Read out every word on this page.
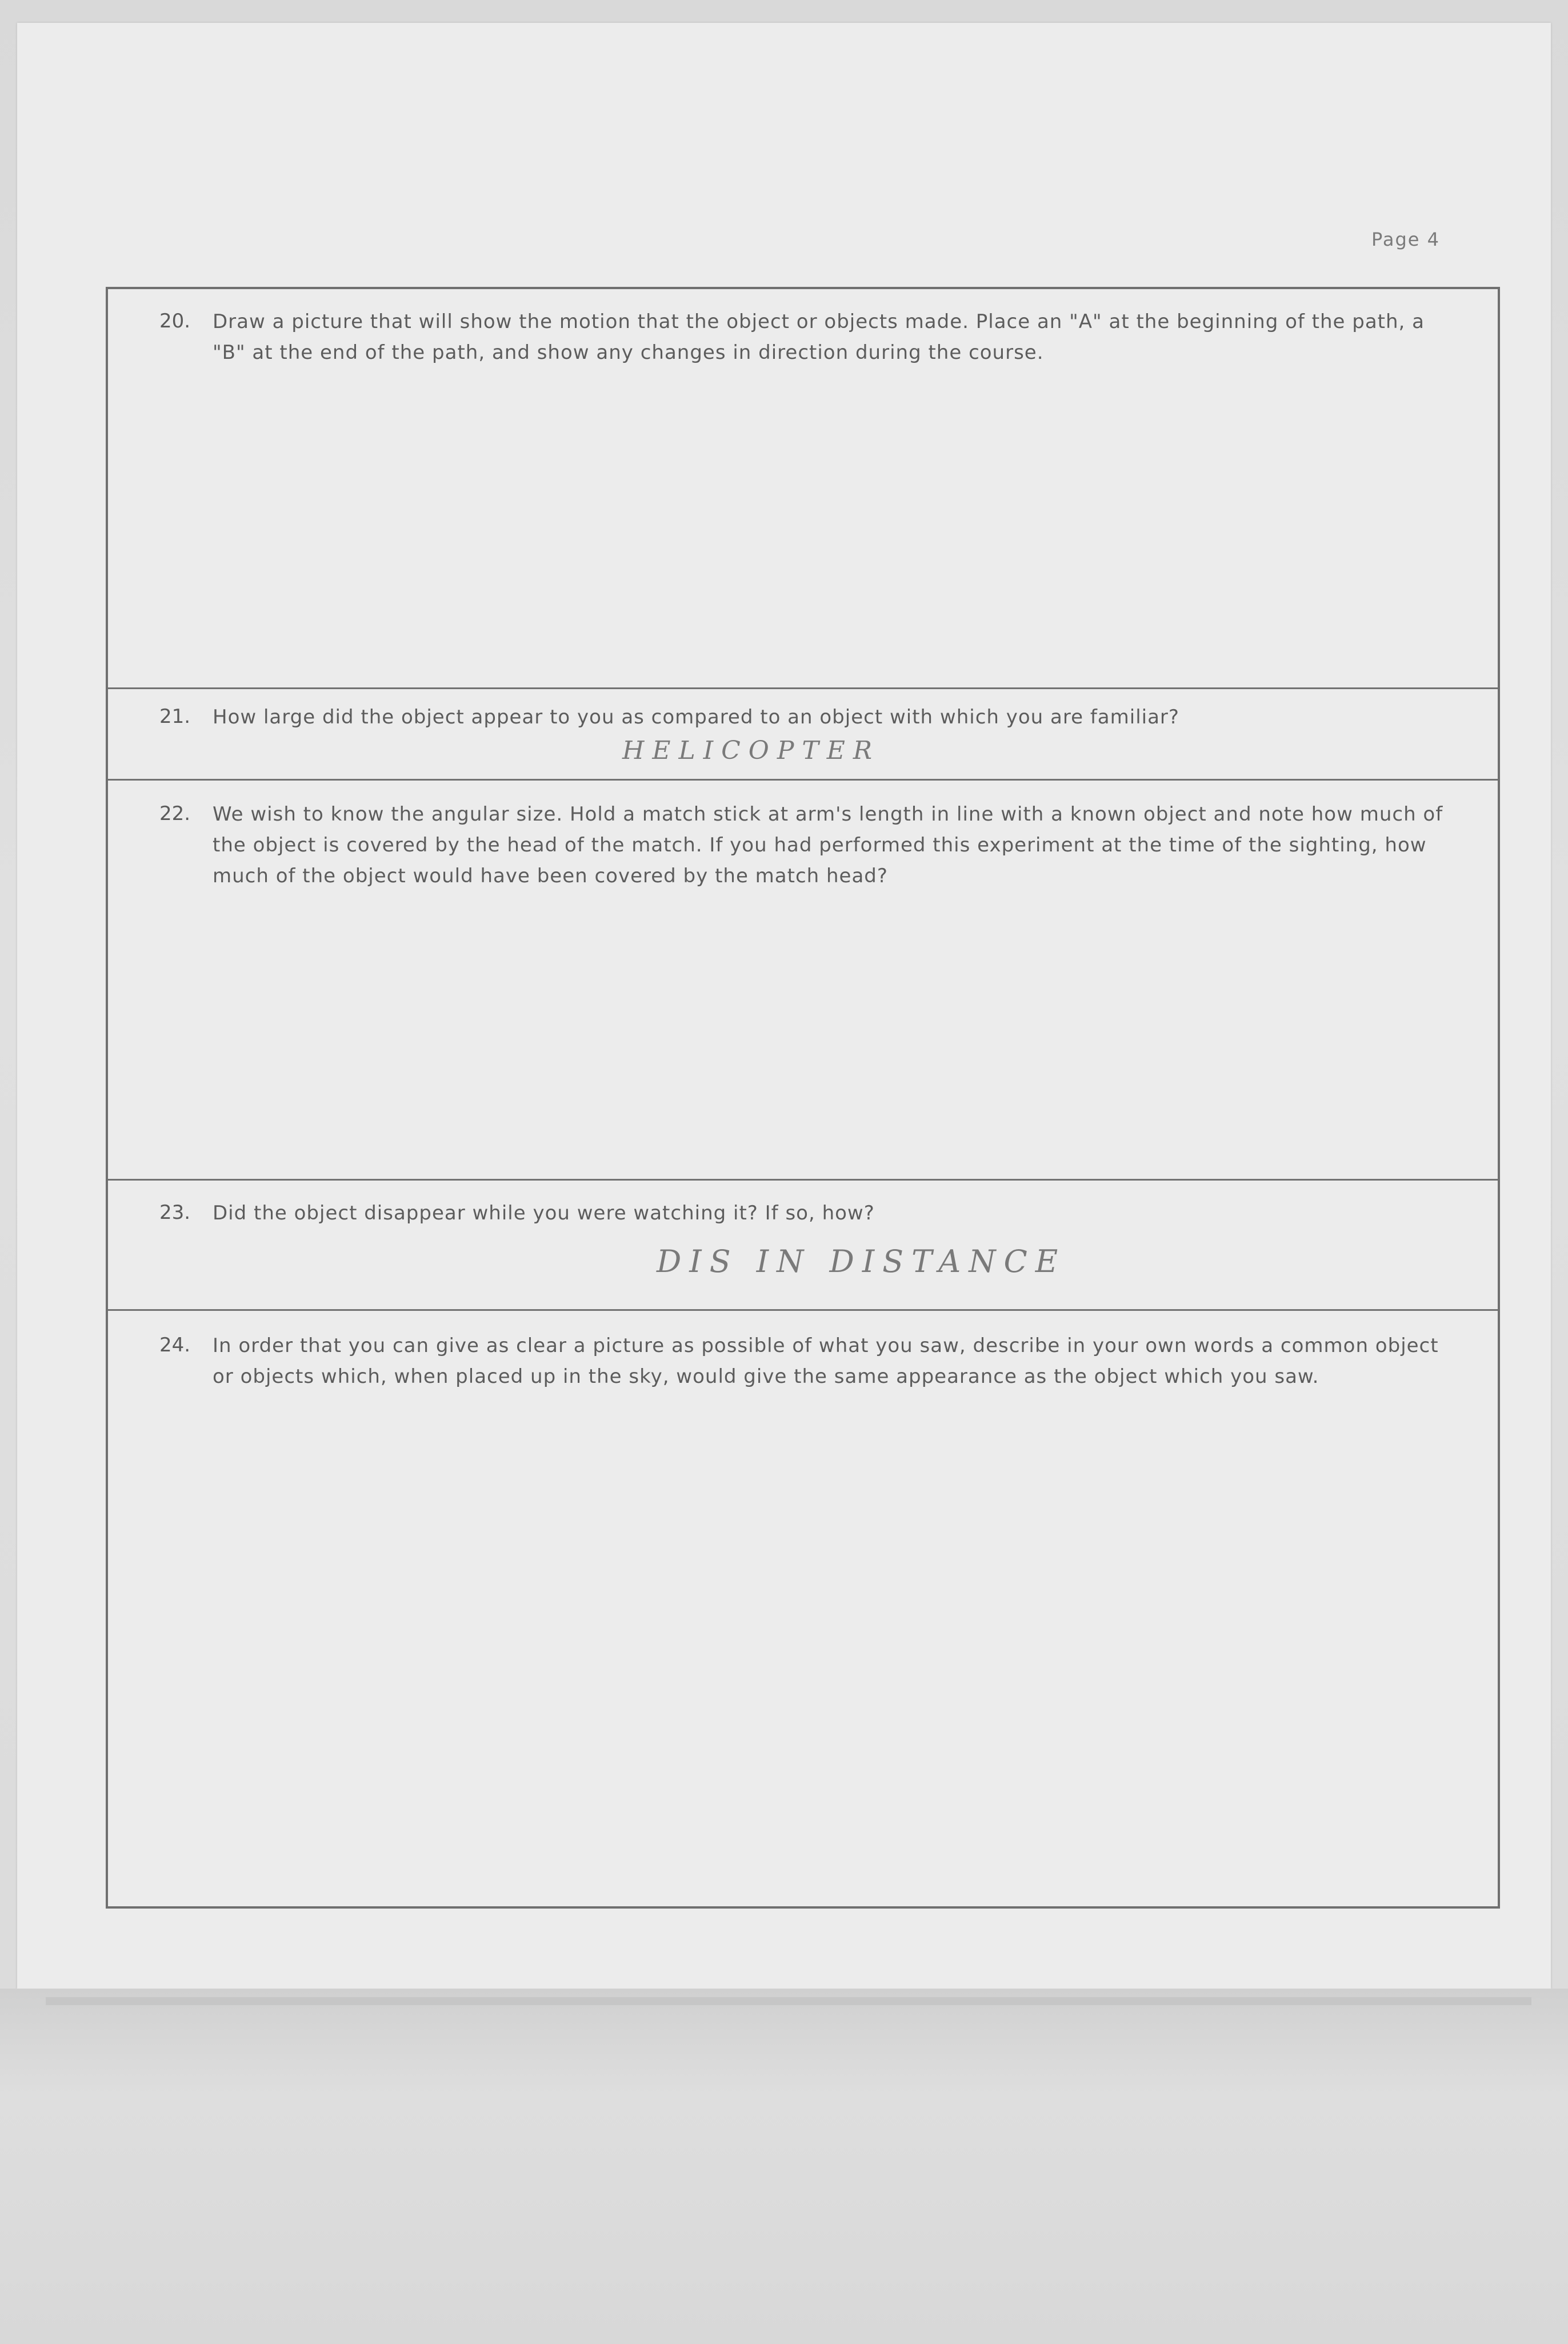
Page 4
20. Draw a picture that will show the motion that the object or objects made. Place an "A" at the beginning of the path, a "B" at the end of the path, and show any changes in direction during the course.
21. How large did the object appear to you as compared to an object with which you are familiar?
HELICOPTER
22. We wish to know the angular size. Hold a match stick at arm's length in line with a known object and note how much of the object is covered by the head of the match. If you had performed this experiment at the time of the sighting, how much of the object would have been covered by the match head?
23. Did the object disappear while you were watching it? If so, how?
DIS IN DISTANCE
24. In order that you can give as clear a picture as possible of what you saw, describe in your own words a common object or objects which, when placed up in the sky, would give the same appearance as the object which you saw.
